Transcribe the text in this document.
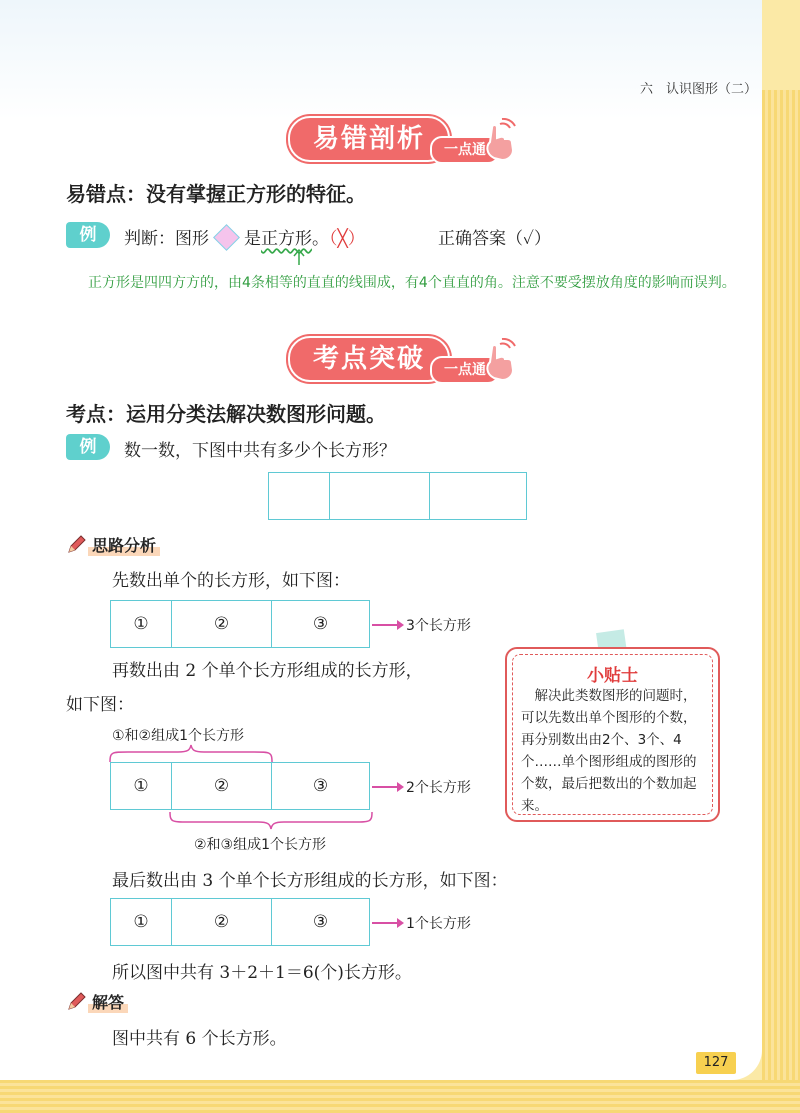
六　认识图形（二）
易错剖析	一点通
易错点：没有掌握正方形的特征。
例	判断：图形 是正方形。（╳）	正确答案（✓）
正方形是四四方方的，由4条相等的直直的线围成，有4个直直的角。注意不要受摆放角度的影响而误判。
考点突破	一点通
考点：运用分类法解决数图形问题。
例	数一数，下图中共有多少个长方形？
思路分析
先数出单个的长方形，如下图：
①	②	③	3个长方形
再数出由 2 个单个长方形组成的长方形，
如下图：
①和②组成1个长方形
①	②	③	2个长方形
②和③组成1个长方形
最后数出由 3 个单个长方形组成的长方形，如下图：
①	②	③	1个长方形
所以图中共有 3＋2＋1＝6(个)长方形。
小贴士
　解决此类数图形的问题时，可以先数出单个图形的个数，再分别数出由2个、3个、4个……单个图形组成的图形的个数，最后把数出的个数加起来。
解答
图中共有 6 个长方形。
127
